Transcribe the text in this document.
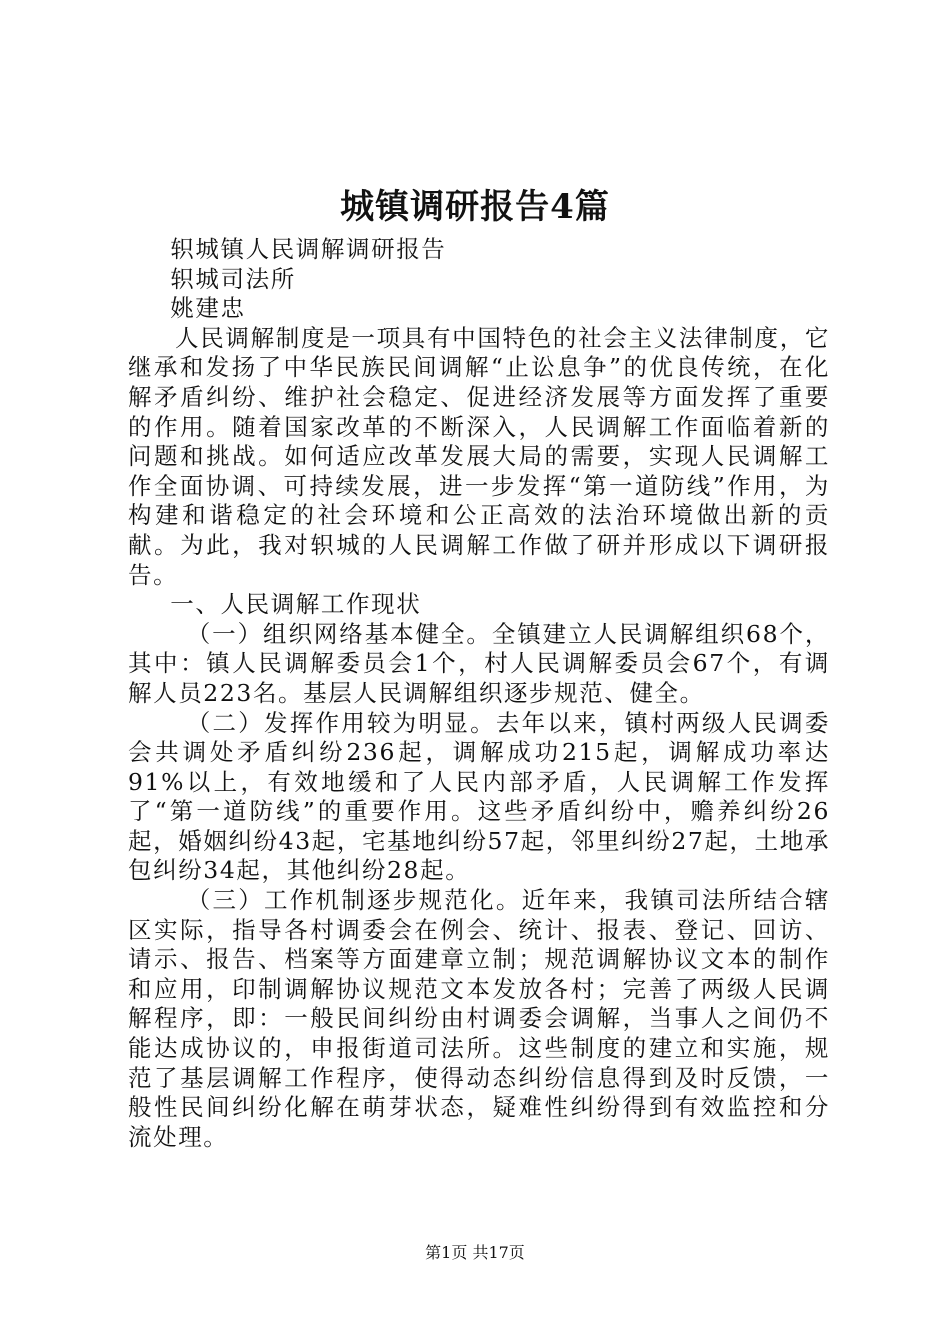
城镇调研报告4篇

轵城镇人民调解调研报告

轵城司法所

姚建忠

人民调解制度是一项具有中国特色的社会主义法律制度，它继承和发扬了中华民族民间调解“止讼息争”的优良传统，在化解矛盾纠纷、维护社会稳定、促进经济发展等方面发挥了重要的作用。随着国家改革的不断深入，人民调解工作面临着新的问题和挑战。如何适应改革发展大局的需要，实现人民调解工作全面协调、可持续发展，进一步发挥“第一道防线”作用，为构建和谐稳定的社会环境和公正高效的法治环境做出新的贡献。为此，我对轵城的人民调解工作做了研并形成以下调研报告。

一、人民调解工作现状

（一）组织网络基本健全。全镇建立人民调解组织68个，其中：镇人民调解委员会1个，村人民调解委员会67个，有调解人员223名。基层人民调解组织逐步规范、健全。

（二）发挥作用较为明显。去年以来，镇村两级人民调委会共调处矛盾纠纷236起，调解成功215起，调解成功率达91%以上，有效地缓和了人民内部矛盾，人民调解工作发挥了“第一道防线”的重要作用。这些矛盾纠纷中，赡养纠纷26起，婚姻纠纷43起，宅基地纠纷57起，邻里纠纷27起，土地承包纠纷34起，其他纠纷28起。

（三）工作机制逐步规范化。近年来，我镇司法所结合辖区实际，指导各村调委会在例会、统计、报表、登记、回访、请示、报告、档案等方面建章立制；规范调解协议文本的制作和应用，印制调解协议规范文本发放各村；完善了两级人民调解程序，即：一般民间纠纷由村调委会调解，当事人之间仍不能达成协议的，申报街道司法所。这些制度的建立和实施，规范了基层调解工作程序，使得动态纠纷信息得到及时反馈，一般性民间纠纷化解在萌芽状态，疑难性纠纷得到有效监控和分流处理。

第1页 共17页
